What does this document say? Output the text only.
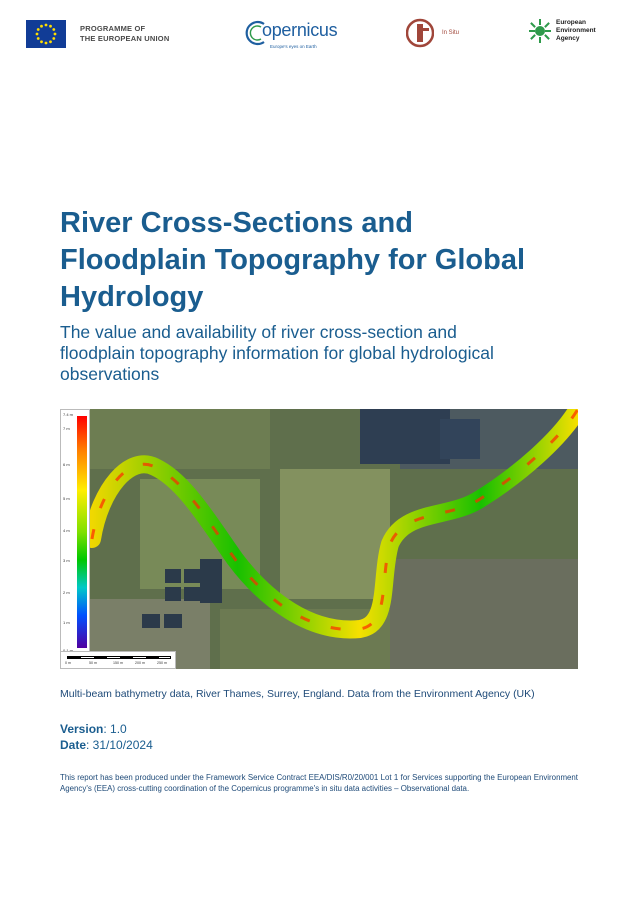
PROGRAMME OF
THE EUROPEAN UNION	opernicus
Europe's eyes on Earth
In Situ
European
Environment
Agency
River Cross-Sections and
Floodplain Topography for Global
Hydrology
The value and availability of river cross-section and
floodplain topography information for global hydrological
observations
7.4 m
7 m
6 m
5 m
4 m
3 m
2 m
1 m
0 m	50 m	150 m	200 m	250 m

Multi-beam bathymetry data, River Thames, Surrey, England. Data from the Environment Agency (UK)

Version: 1.0

Date: 31/10/2024

This report has been produced under the Framework Service Contract EEA/DIS/R0/20/001 Lot 1 for Services supporting the European Environment Agency's (EEA) cross-cutting coordination of the Copernicus programme's in situ data activities – Observational data.
